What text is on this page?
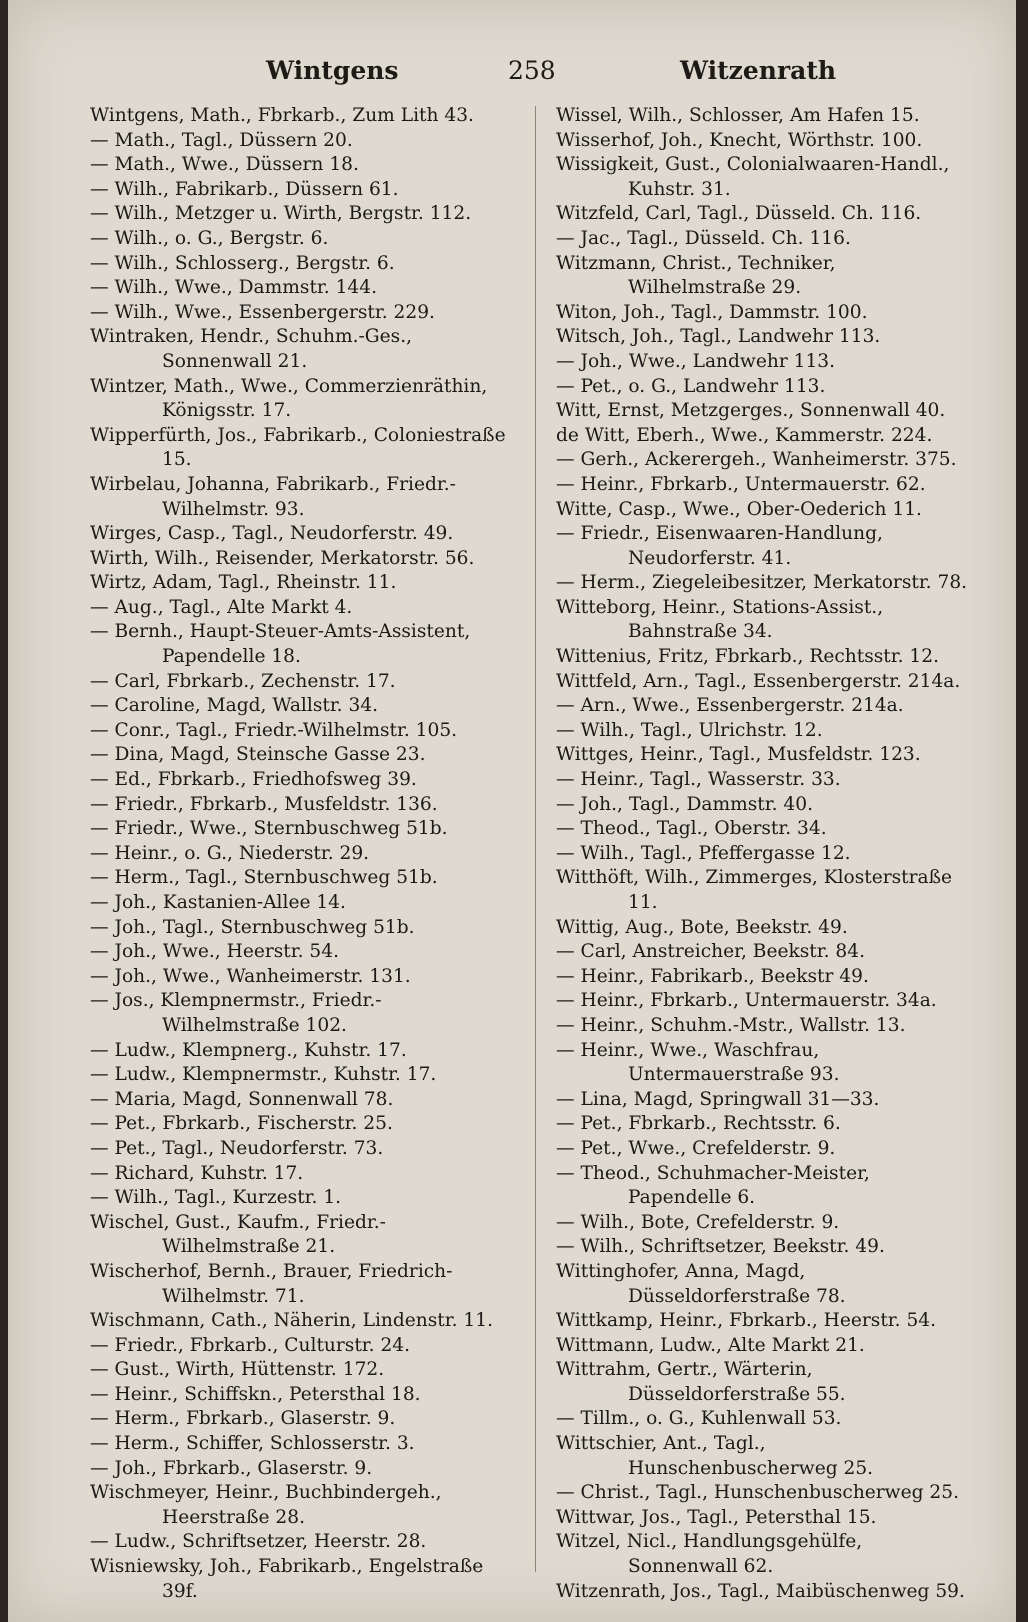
Wintgens	258	Witzenrath

Wintgens, Math., Fbrkarb., Zum Lith 43.

— Math., Tagl., Düssern 20.

— Math., Wwe., Düssern 18.

— Wilh., Fabrikarb., Düssern 61.

— Wilh., Metzger u. Wirth, Bergstr. 112.

— Wilh., o. G., Bergstr. 6.

— Wilh., Schlosserg., Bergstr. 6.

— Wilh., Wwe., Dammstr. 144.

— Wilh., Wwe., Essenbergerstr. 229.

Wintraken, Hendr., Schuhm.-Ges., Sonnenwall 21.

Wintzer, Math., Wwe., Commerzienräthin, Königsstr. 17.

Wipperfürth, Jos., Fabrikarb., Coloniestraße 15.

Wirbelau, Johanna, Fabrikarb., Friedr.-Wilhelmstr. 93.

Wirges, Casp., Tagl., Neudorferstr. 49.

Wirth, Wilh., Reisender, Merkatorstr. 56.

Wirtz, Adam, Tagl., Rheinstr. 11.

— Aug., Tagl., Alte Markt 4.

— Bernh., Haupt-Steuer-Amts-Assistent, Papendelle 18.

— Carl, Fbrkarb., Zechenstr. 17.

— Caroline, Magd, Wallstr. 34.

— Conr., Tagl., Friedr.-Wilhelmstr. 105.

— Dina, Magd, Steinsche Gasse 23.

— Ed., Fbrkarb., Friedhofsweg 39.

— Friedr., Fbrkarb., Musfeldstr. 136.

— Friedr., Wwe., Sternbuschweg 51b.

— Heinr., o. G., Niederstr. 29.

— Herm., Tagl., Sternbuschweg 51b.

— Joh., Kastanien-Allee 14.

— Joh., Tagl., Sternbuschweg 51b.

— Joh., Wwe., Heerstr. 54.

— Joh., Wwe., Wanheimerstr. 131.

— Jos., Klempnermstr., Friedr.-Wilhelmstraße 102.

— Ludw., Klempnerg., Kuhstr. 17.

— Ludw., Klempnermstr., Kuhstr. 17.

— Maria, Magd, Sonnenwall 78.

— Pet., Fbrkarb., Fischerstr. 25.

— Pet., Tagl., Neudorferstr. 73.

— Richard, Kuhstr. 17.

— Wilh., Tagl., Kurzestr. 1.

Wischel, Gust., Kaufm., Friedr.-Wilhelmstraße 21.

Wischerhof, Bernh., Brauer, Friedrich-Wilhelmstr. 71.

Wischmann, Cath., Näherin, Lindenstr. 11.

— Friedr., Fbrkarb., Culturstr. 24.

— Gust., Wirth, Hüttenstr. 172.

— Heinr., Schiffskn., Petersthal 18.

— Herm., Fbrkarb., Glaserstr. 9.

— Herm., Schiffer, Schlosserstr. 3.

— Joh., Fbrkarb., Glaserstr. 9.

Wischmeyer, Heinr., Buchbindergeh., Heerstraße 28.

— Ludw., Schriftsetzer, Heerstr. 28.

Wisniewsky, Joh., Fabrikarb., Engelstraße 39f.

Wissel, Wilh., Schlosser, Am Hafen 15.

Wisserhof, Joh., Knecht, Wörthstr. 100.

Wissigkeit, Gust., Colonialwaaren-Handl., Kuhstr. 31.

Witzfeld, Carl, Tagl., Düsseld. Ch. 116.

— Jac., Tagl., Düsseld. Ch. 116.

Witzmann, Christ., Techniker, Wilhelmstraße 29.

Witon, Joh., Tagl., Dammstr. 100.

Witsch, Joh., Tagl., Landwehr 113.

— Joh., Wwe., Landwehr 113.

— Pet., o. G., Landwehr 113.

Witt, Ernst, Metzgerges., Sonnenwall 40.

de Witt, Eberh., Wwe., Kammerstr. 224.

— Gerh., Ackerergeh., Wanheimerstr. 375.

— Heinr., Fbrkarb., Untermauerstr. 62.

Witte, Casp., Wwe., Ober-Oederich 11.

— Friedr., Eisenwaaren-Handlung, Neudorferstr. 41.

— Herm., Ziegeleibesitzer, Merkatorstr. 78.

Witteborg, Heinr., Stations-Assist., Bahnstraße 34.

Wittenius, Fritz, Fbrkarb., Rechtsstr. 12.

Wittfeld, Arn., Tagl., Essenbergerstr. 214a.

— Arn., Wwe., Essenbergerstr. 214a.

— Wilh., Tagl., Ulrichstr. 12.

Wittges, Heinr., Tagl., Musfeldstr. 123.

— Heinr., Tagl., Wasserstr. 33.

— Joh., Tagl., Dammstr. 40.

— Theod., Tagl., Oberstr. 34.

— Wilh., Tagl., Pfeffergasse 12.

Witthöft, Wilh., Zimmerges, Klosterstraße 11.

Wittig, Aug., Bote, Beekstr. 49.

— Carl, Anstreicher, Beekstr. 84.

— Heinr., Fabrikarb., Beekstr 49.

— Heinr., Fbrkarb., Untermauerstr. 34a.

— Heinr., Schuhm.-Mstr., Wallstr. 13.

— Heinr., Wwe., Waschfrau, Untermauerstraße 93.

— Lina, Magd, Springwall 31—33.

— Pet., Fbrkarb., Rechtsstr. 6.

— Pet., Wwe., Crefelderstr. 9.

— Theod., Schuhmacher-Meister, Papendelle 6.

— Wilh., Bote, Crefelderstr. 9.

— Wilh., Schriftsetzer, Beekstr. 49.

Wittinghofer, Anna, Magd, Düsseldorferstraße 78.

Wittkamp, Heinr., Fbrkarb., Heerstr. 54.

Wittmann, Ludw., Alte Markt 21.

Wittrahm, Gertr., Wärterin, Düsseldorferstraße 55.

— Tillm., o. G., Kuhlenwall 53.

Wittschier, Ant., Tagl., Hunschenbuscherweg 25.

— Christ., Tagl., Hunschenbuscherweg 25.

Wittwar, Jos., Tagl., Petersthal 15.

Witzel, Nicl., Handlungsgehülfe, Sonnenwall 62.

Witzenrath, Jos., Tagl., Maibüschenweg 59.
